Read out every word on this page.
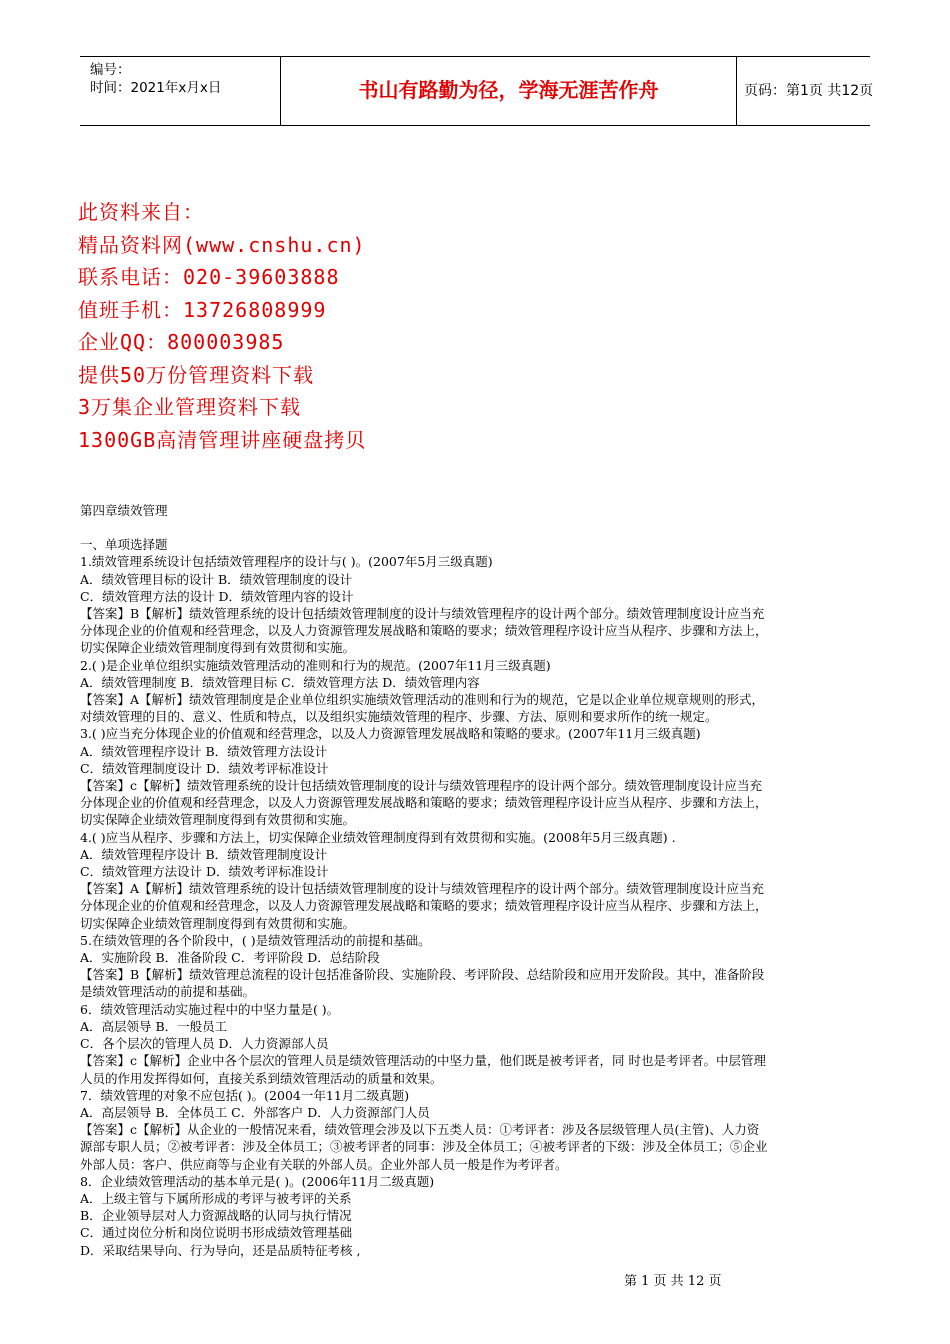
编号：
时间：2021年x月x日	书山有路勤为径，学海无涯苦作舟	页码：第1页 共12页
此资料来自：
精品资料网(www.cnshu.cn)
联系电话：020-39603888
值班手机：13726808999
企业QQ：800003985
提供50万份管理资料下载
3万集企业管理资料下载
1300GB高清管理讲座硬盘拷贝
第四章绩效管理
一、单项选择题
1.绩效管理系统设计包括绩效管理程序的设计与( )。(2007年5月三级真题)
A．绩效管理目标的设计 B．绩效管理制度的设计
C．绩效管理方法的设计 D．绩效管理内容的设计
【答案】B【解析】绩效管理系统的设计包括绩效管理制度的设计与绩效管理程序的设计两个部分。绩效管理制度设计应当充
分体现企业的价值观和经营理念，以及人力资源管理发展战略和策略的要求；绩效管理程序设计应当从程序、步骤和方法上，
切实保障企业绩效管理制度得到有效贯彻和实施。
2.( )是企业单位组织实施绩效管理活动的准则和行为的规范。(2007年11月三级真题)
A．绩效管理制度 B．绩效管理目标 C．绩效管理方法 D．绩效管理内容
【答案】A【解析】绩效管理制度是企业单位组织实施绩效管理活动的准则和行为的规范，它是以企业单位规章规则的形式，
对绩效管理的目的、意义、性质和特点，以及组织实施绩效管理的程序、步骤、方法、原则和要求所作的统一规定。
3.( )应当充分体现企业的价值观和经营理念，以及人力资源管理发展战略和策略的要求。(2007年11月三级真题)
A．绩效管理程序设计 B．绩效管理方法设计
C．绩效管理制度设计 D．绩效考评标准设计
【答案】c【解析】绩效管理系统的设计包括绩效管理制度的设计与绩效管理程序的设计两个部分。绩效管理制度设计应当充
分体现企业的价值观和经营理念，以及人力资源管理发展战略和策略的要求；绩效管理程序设计应当从程序、步骤和方法上，
切实保障企业绩效管理制度得到有效贯彻和实施。
4.( )应当从程序、步骤和方法上，切实保障企业绩效管理制度得到有效贯彻和实施。(2008年5月三级真题) .
A．绩效管理程序设计 B．绩效管理制度设计
C．绩效管理方法设计 D．绩效考评标准设计
【答案】A【解析】绩效管理系统的设计包括绩效管理制度的设计与绩效管理程序的设计两个部分。绩效管理制度设计应当充
分体现企业的价值观和经营理念，以及人力资源管理发展战略和策略的要求；绩效管理程序设计应当从程序、步骤和方法上，
切实保障企业绩效管理制度得到有效贯彻和实施。
5.在绩效管理的各个阶段中，( )是绩效管理活动的前提和基础。
A．实施阶段 B．准备阶段 C．考评阶段 D．总结阶段
【答案】B【解析】绩效管理总流程的设计包括准备阶段、实施阶段、考评阶段、总结阶段和应用开发阶段。其中，准备阶段
是绩效管理活动的前提和基础。
6．绩效管理活动实施过程中的中坚力量是( )。
A．高层领导 B．一般员工
C．各个层次的管理人员 D．人力资源部人员
【答案】c【解析】企业中各个层次的管理人员是绩效管理活动的中坚力量，他们既是被考评者，同 时也是考评者。中层管理
人员的作用发挥得如何，直接关系到绩效管理活动的质量和效果。
7．绩效管理的对象不应包括( )。(2004一年11月二级真题)
A．高层领导 B．全体员工 C．外部客户 D．人力资源部门人员
【答案】c【解析】从企业的一般情况来看，绩效管理会涉及以下五类人员：①考评者：涉及各层级管理人员(主管)、人力资
源部专职人员；②被考评者：涉及全体员工；③被考评者的同事：涉及全体员工；④被考评者的下级：涉及全体员工；⑤企业
外部人员：客户、供应商等与企业有关联的外部人员。企业外部人员一般是作为考评者。
8．企业绩效管理活动的基本单元是( )。(2006年11月二级真题)
A．上级主管与下属所形成的考评与被考评的关系
B．企业领导层对人力资源战略的认同与执行情况
C．通过岗位分析和岗位说明书形成绩效管理基础
D．采取结果导向、行为导向，还是品质特征考核 ,
第 1 页 共 12 页
